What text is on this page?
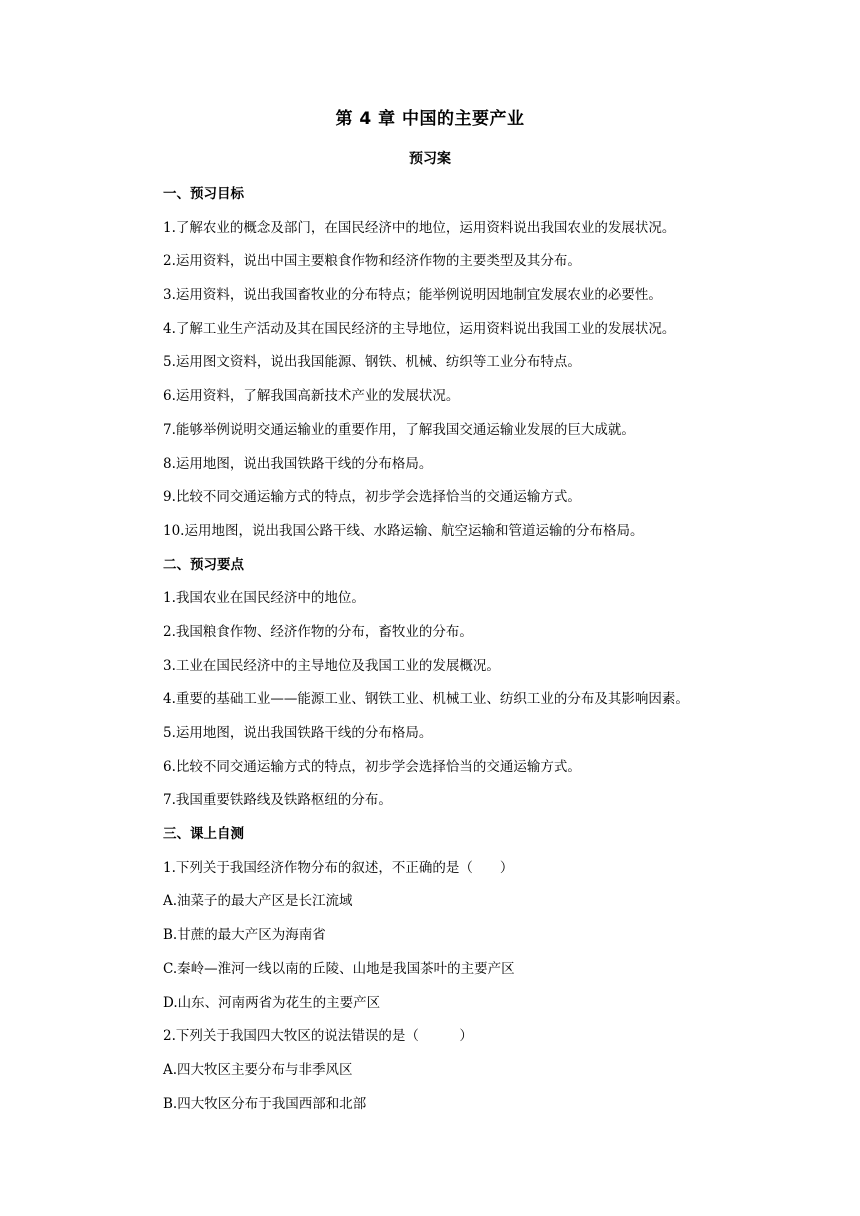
第 4 章 中国的主要产业
预习案
一、预习目标
1.了解农业的概念及部门，在国民经济中的地位，运用资料说出我国农业的发展状况。
2.运用资料，说出中国主要粮食作物和经济作物的主要类型及其分布。
3.运用资料，说出我国畜牧业的分布特点；能举例说明因地制宜发展农业的必要性。
4.了解工业生产活动及其在国民经济的主导地位，运用资料说出我国工业的发展状况。
5.运用图文资料，说出我国能源、钢铁、机械、纺织等工业分布特点。
6.运用资料，了解我国高新技术产业的发展状况。
7.能够举例说明交通运输业的重要作用，了解我国交通运输业发展的巨大成就。
8.运用地图，说出我国铁路干线的分布格局。
9.比较不同交通运输方式的特点，初步学会选择恰当的交通运输方式。
10.运用地图，说出我国公路干线、水路运输、航空运输和管道运输的分布格局。
二、预习要点
1.我国农业在国民经济中的地位。
2.我国粮食作物、经济作物的分布，畜牧业的分布。
3.工业在国民经济中的主导地位及我国工业的发展概况。
4.重要的基础工业——能源工业、钢铁工业、机械工业、纺织工业的分布及其影响因素。
5.运用地图，说出我国铁路干线的分布格局。
6.比较不同交通运输方式的特点，初步学会选择恰当的交通运输方式。
7.我国重要铁路线及铁路枢纽的分布。
三、课上自测
1.下列关于我国经济作物分布的叙述，不正确的是（　　）
A.油菜子的最大产区是长江流域
B.甘蔗的最大产区为海南省
C.秦岭—淮河一线以南的丘陵、山地是我国茶叶的主要产区
D.山东、河南两省为花生的主要产区
2.下列关于我国四大牧区的说法错误的是（　　　）
A.四大牧区主要分布与非季风区
B.四大牧区分布于我国西部和北部
